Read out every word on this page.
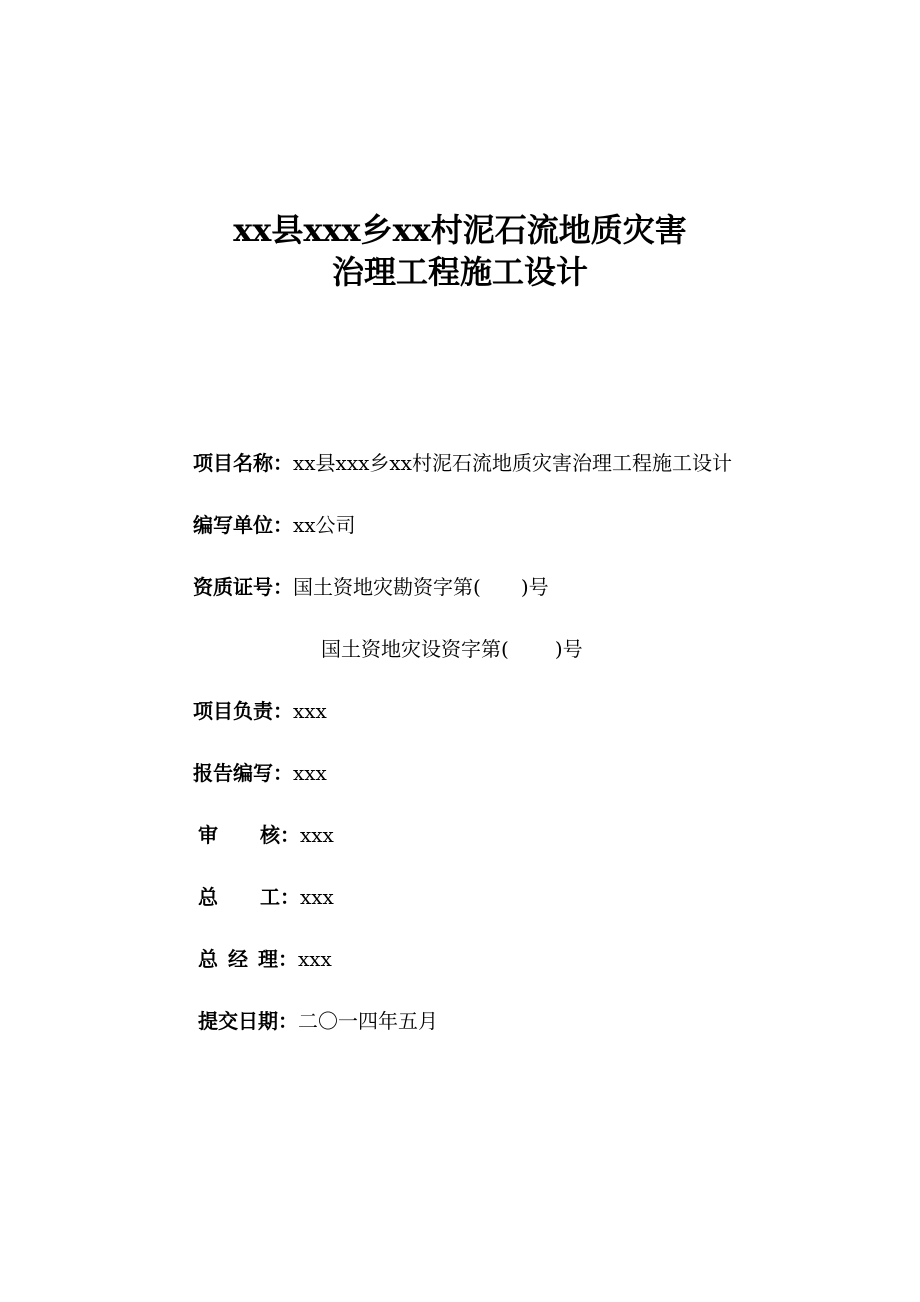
xx县xxx乡xx村泥石流地质灾害
治理工程施工设计
项目名称：xx县xxx乡xx村泥石流地质灾害治理工程施工设计
编写单位：xx公司
资质证号：国土资地灾勘资字第( )号
国土资地灾设资字第( )号
项目负责：xxx
报告编写：xxx
审 核：xxx
总 工：xxx
总 经 理：xxx
提交日期：二〇一四年五月
